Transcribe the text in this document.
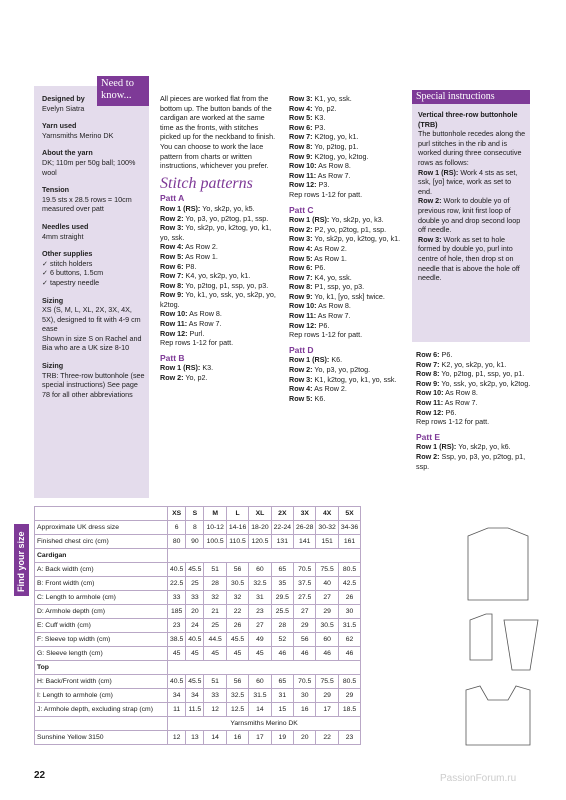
Need to know...

Designed by
Evelyn Siatra

Yarn used
Yarnsmiths Merino DK

About the yarn
DK; 110m per 50g ball; 100% wool

Tension
19.5 sts x 28.5 rows = 10cm measured over patt

Needles used
4mm straight

Other supplies
✓ stitch holders
✓ 6 buttons, 1.5cm
✓ tapestry needle

Sizing
XS (S, M, L, XL, 2X, 3X, 4X, 5X), designed to fit with 4-9 cm ease
Shown in size S on Rachel and Bia who are a UK size 8-10

Sizing
TRB: Three-row buttonhole (see special instructions) See page 78 for all other abbreviations

All pieces are worked flat from the bottom up. The button bands of the cardigan are worked at the same time as the fronts, with stitches picked up for the neckband to finish. You can choose to work the lace pattern from charts or written instructions, whichever you prefer.

Stitch patterns

Patt A

Row 1 (RS): Yo, sk2p, yo, k5.

Row 2: Yo, p3, yo, p2tog, p1, ssp.

Row 3: Yo, sk2p, yo, k2tog, yo, k1, yo, ssk.

Row 4: As Row 2.

Row 5: As Row 1.

Row 6: P8.

Row 7: K4, yo, sk2p, yo, k1.

Row 8: Yo, p2tog, p1, ssp, yo, p3.

Row 9: Yo, k1, yo, ssk, yo, sk2p, yo, k2tog.

Row 10: As Row 8.

Row 11: As Row 7.

Row 12: Purl.

Rep rows 1-12 for patt.

Patt B

Row 1 (RS): K3.

Row 2: Yo, p2.

Row 3: K1, yo, ssk.

Row 4: Yo, p2.

Row 5: K3.

Row 6: P3.

Row 7: K2tog, yo, k1.

Row 8: Yo, p2tog, p1.

Row 9: K2tog, yo, k2tog.

Row 10: As Row 8.

Row 11: As Row 7.

Row 12: P3.

Rep rows 1-12 for patt.

Patt C

Row 1 (RS): Yo, sk2p, yo, k3.

Row 2: P2, yo, p2tog, p1, ssp.

Row 3: Yo, sk2p, yo, k2tog, yo, k1.

Row 4: As Row 2.

Row 5: As Row 1.

Row 6: P6.

Row 7: K4, yo, ssk.

Row 8: P1, ssp, yo, p3.

Row 9: Yo, k1, [yo, ssk] twice.

Row 10: As Row 8.

Row 11: As Row 7.

Row 12: P6.

Rep rows 1-12 for patt.

Patt D

Row 1 (RS): K6.

Row 2: Yo, p3, yo, p2tog.

Row 3: K1, k2tog, yo, k1, yo, ssk.

Row 4: As Row 2.

Row 5: K6.

Special instructions

Vertical three-row buttonhole (TRB)

The buttonhole recedes along the purl stitches in the rib and is worked during three consecutive rows as follows:

Row 1 (RS): Work 4 sts as set, ssk, [yo] twice, work as set to end.

Row 2: Work to double yo of previous row, knit first loop of double yo and drop second loop off needle.

Row 3: Work as set to hole formed by double yo, purl into centre of hole, then drop st on needle that is above the hole off needle.

Row 6: P6.

Row 7: K2, yo, sk2p, yo, k1.

Row 8: Yo, p2tog, p1, ssp, yo, p1.

Row 9: Yo, ssk, yo, sk2p, yo, k2tog.

Row 10: As Row 8.

Row 11: As Row 7.

Row 12: P6.

Rep rows 1-12 for patt.

Patt E

Row 1 (RS): Yo, sk2p, yo, k6.

Row 2: Ssp, yo, p3, yo, p2tog, p1, ssp.

Find your size
	XS	S	M	L	XL	2X	3X	4X	5X
Approximate UK dress size	6	8	10-12	14-16	18-20	22-24	26-28	30-32	34-36
Finished chest circ (cm)	80	90	100.5	110.5	120.5	131	141	151	161
Cardigan									
A: Back width (cm)	40.5	45.5	51	56	60	65	70.5	75.5	80.5
B: Front width (cm)	22.5	25	28	30.5	32.5	35	37.5	40	42.5
C: Length to armhole (cm)	33	33	32	32	31	29.5	27.5	27	26
D: Armhole depth (cm)	185	20	21	22	23	25.5	27	29	30
E: Cuff width (cm)	23	24	25	26	27	28	29	30.5	31.5
F: Sleeve top width (cm)	38.5	40.5	44.5	45.5	49	52	56	60	62
G: Sleeve length (cm)	45	45	45	45	45	46	46	46	46
Top									
H: Back/Front width (cm)	40.5	45.5	51	56	60	65	70.5	75.5	80.5
I: Length to armhole (cm)	34	34	33	32.5	31.5	31	30	29	29
J: Armhole depth, excluding strap (cm)	11	11.5	12	12.5	14	15	16	17	18.5
	Yarnsmiths Merino DK								
Sunshine Yellow 3150	12	13	14	16	17	19	20	22	23
22	PassionForum.ru
